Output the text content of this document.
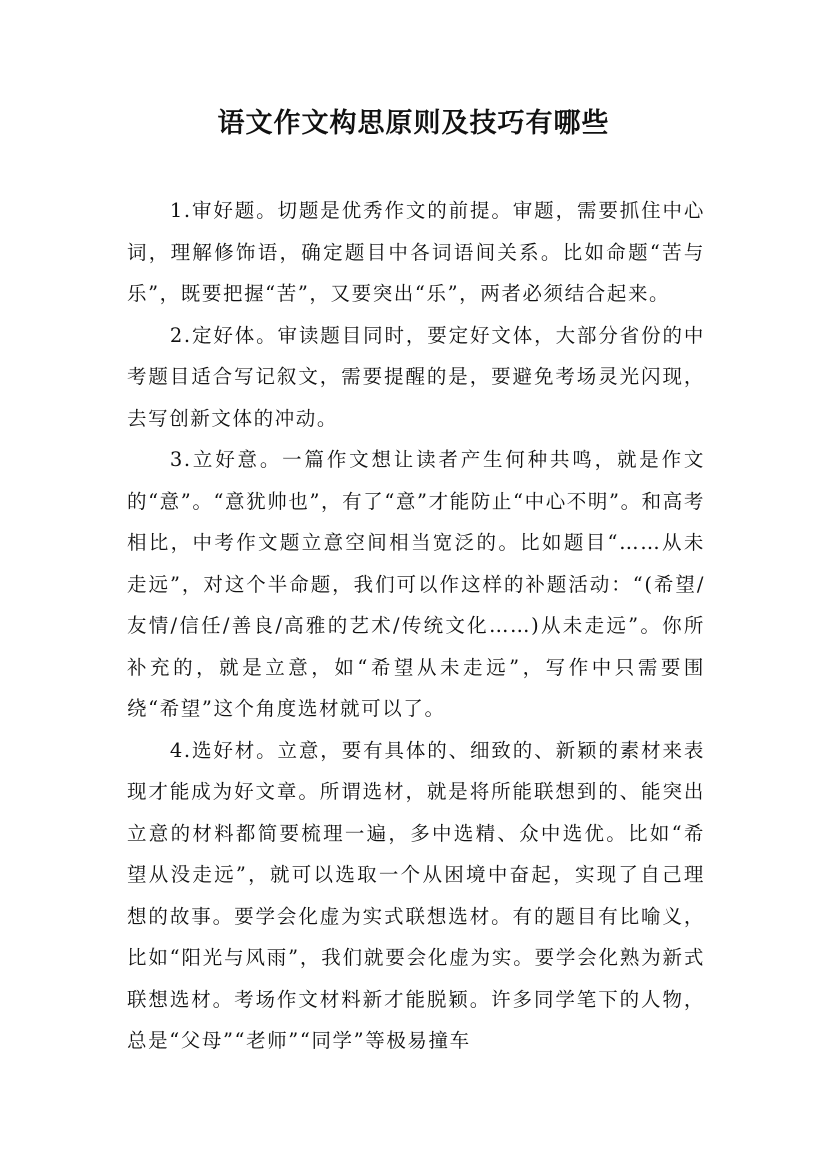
语文作文构思原则及技巧有哪些

1.审好题。切题是优秀作文的前提。审题，需要抓住中心词，理解修饰语，确定题目中各词语间关系。比如命题“苦与乐”，既要把握“苦”，又要突出“乐”，两者必须结合起来。

2.定好体。审读题目同时，要定好文体，大部分省份的中考题目适合写记叙文，需要提醒的是，要避免考场灵光闪现，去写创新文体的冲动。

3.立好意。一篇作文想让读者产生何种共鸣，就是作文的“意”。“意犹帅也”，有了“意”才能防止“中心不明”。和高考相比，中考作文题立意空间相当宽泛的。比如题目“……从未走远”，对这个半命题，我们可以作这样的补题活动：“(希望/友情/信任/善良/高雅的艺术/传统文化……)从未走远”。你所补充的，就是立意，如“希望从未走远”，写作中只需要围绕“希望”这个角度选材就可以了。

4.选好材。立意，要有具体的、细致的、新颖的素材来表现才能成为好文章。所谓选材，就是将所能联想到的、能突出立意的材料都简要梳理一遍，多中选精、众中选优。比如“希望从没走远”，就可以选取一个从困境中奋起，实现了自己理想的故事。要学会化虚为实式联想选材。有的题目有比喻义，比如“阳光与风雨”，我们就要会化虚为实。要学会化熟为新式联想选材。考场作文材料新才能脱颖。许多同学笔下的人物，总是“父母”“老师”“同学”等极易撞车
